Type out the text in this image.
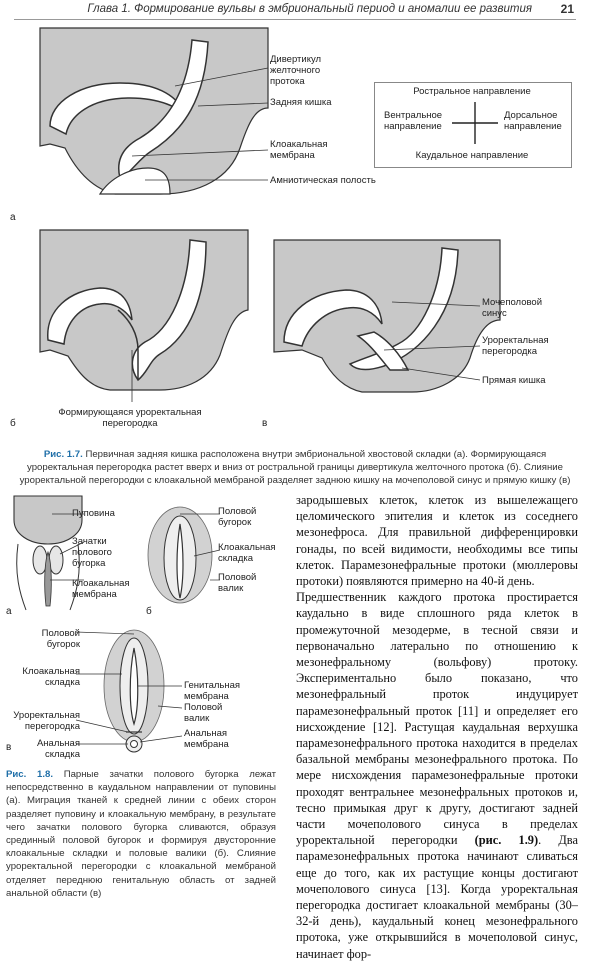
Глава 1. Формирование вульвы в эмбриональный период и аномалии ее развития 21
а
Дивертикул
желточного
протока
Задняя кишка
Клоакальная
мембрана
Амниотическая полость
Ростральное направление
Вентральное
направление
Дорсальное
направление
Каудальное направление
б
Формирующаяся уроректальная
перегородка	в
Мочеполовой
синус
Уроректальная
перегородка
Прямая кишка
Рис. 1.7. Первичная задняя кишка расположена внутри эмбриональной хвостовой складки (а). Формирующаяся уроректальная перегородка растет вверх и вниз от ростральной границы дивертикула желточного протока (б). Слияние уроректальной перегородки с клоакальной мембраной разделяет заднюю кишку на мочеполовой синус и прямую кишку (в)
а
Пуповина
Зачатки
полового
бугорка
Клоакальная
мембрана
б
Половой
бугорок
Клоакальная
складка
Половой
валик
в
Половой
бугорок
Клоакальная
складка
Уроректальная
перегородка
Анальная
складка
Генитальная
мембрана
Половой
валик
Анальная
мембрана
Рис. 1.8. Парные зачатки полового бугорка лежат непосредственно в каудальном направлении от пуповины (а). Миграция тканей к средней линии с обеих сторон разделяет пуповину и клоакальную мембрану, в результате чего зачатки полового бугорка сливаются, образуя срединный половой бугорок и формируя двусторонние клоакальные складки и половые валики (б). Слияние уроректальной перегородки с клоакальной мембраной отделяет переднюю генитальную область от задней анальной области (в)
зародышевых клеток, клеток из вышележащего целомического эпителия и клеток из соседнего мезонефроса. Для правильной дифференцировки гонады, по всей видимости, необходимы все типы клеток. Парамезонефральные протоки (мюллеровы протоки) появляются примерно на 40-й день.
Предшественник каждого протока простирается каудально в виде сплошного ряда клеток в промежуточной мезодерме, в тесной связи и первоначально латерально по отношению к мезонефральному (вольфову) протоку. Экспериментально было показано, что мезонефральный проток индуцирует парамезонефральный проток [11] и определяет его нисхождение [12]. Растущая каудальная верхушка парамезонефрального протока находится в пределах базальной мембраны мезонефрального протока. По мере нисхождения парамезонефральные протоки проходят вентральнее мезонефральных протоков и, тесно примыкая друг к другу, достигают задней части мочеполового синуса в пределах уроректальной перегородки (рис. 1.9). Два парамезонефральных протока начинают сливаться еще до того, как их растущие концы достигают мочеполового синуса [13]. Когда уроректальная перегородка достигает клоакальной мембраны (30–32-й день), каудальный конец мезонефрального протока, уже открывшийся в мочеполовой синус, начинает фор-
